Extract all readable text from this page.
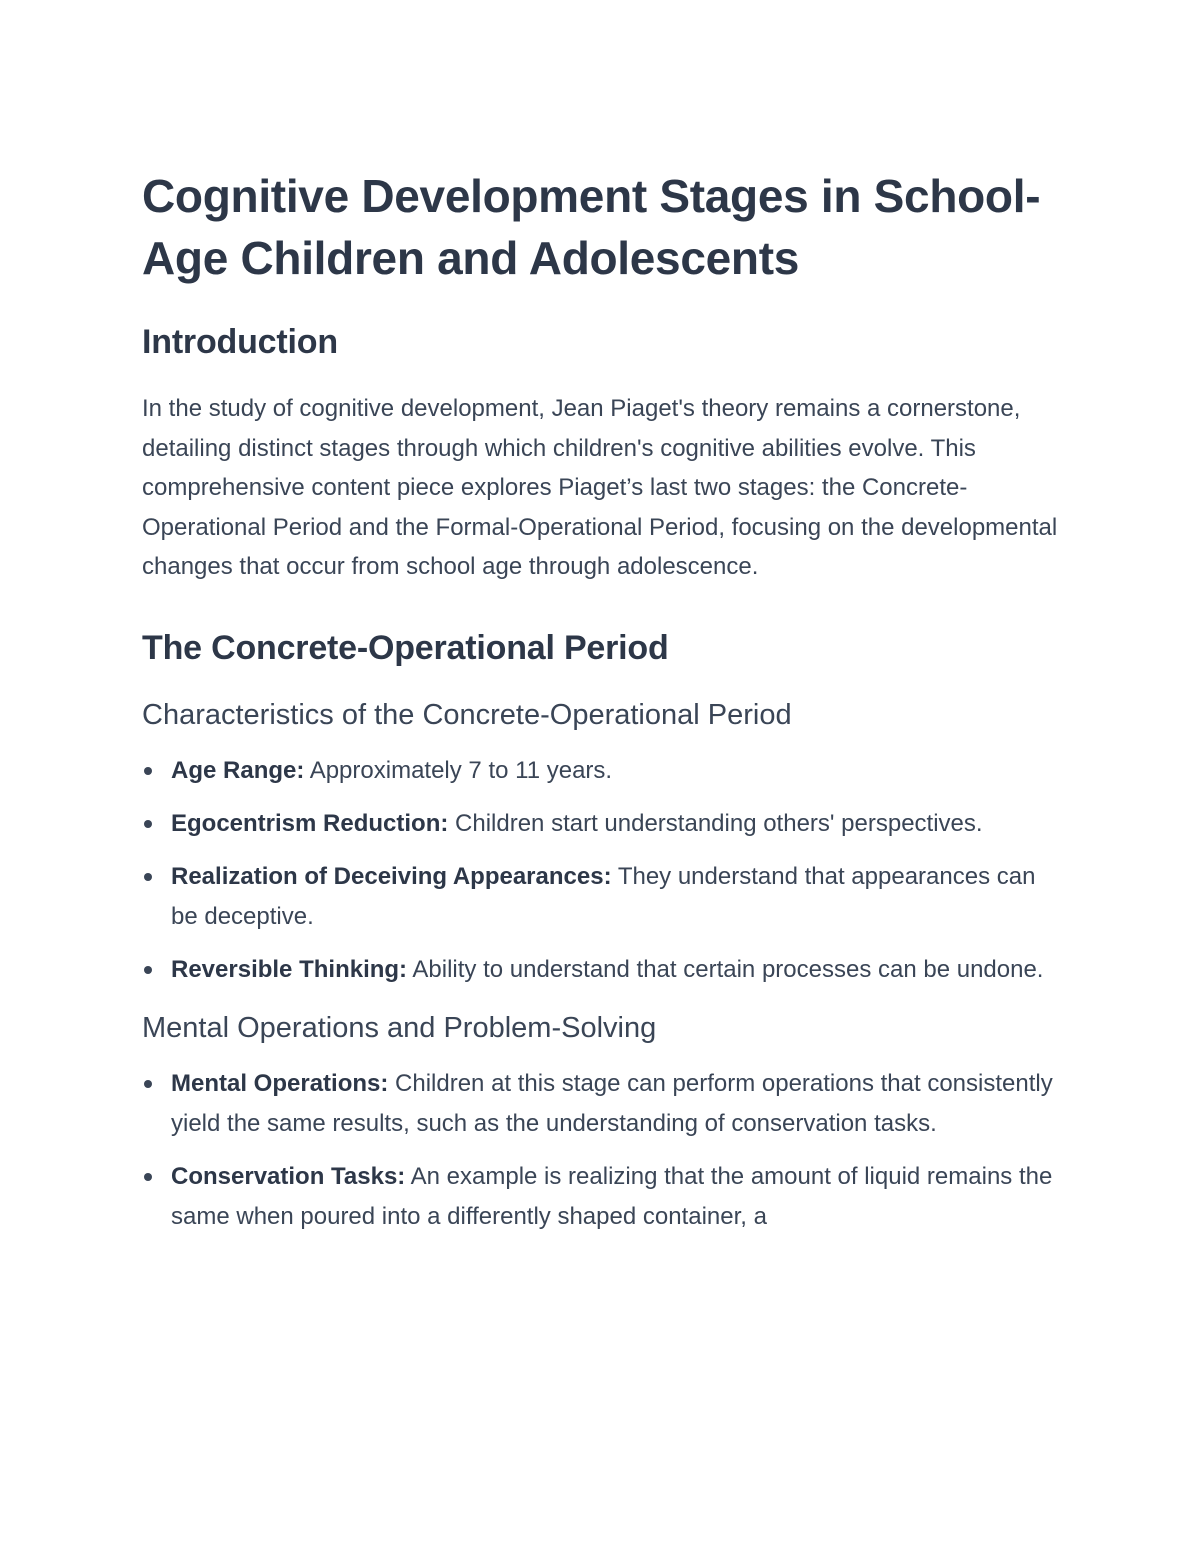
Cognitive Development Stages in School-Age Children and Adolescents
Introduction

In the study of cognitive development, Jean Piaget's theory remains a cornerstone, detailing distinct stages through which children's cognitive abilities evolve. This comprehensive content piece explores Piaget’s last two stages: the Concrete-Operational Period and the Formal-Operational Period, focusing on the developmental changes that occur from school age through adolescence.

The Concrete-Operational Period
Characteristics of the Concrete-Operational Period
Age Range: Approximately 7 to 11 years.
Egocentrism Reduction: Children start understanding others' perspectives.
Realization of Deceiving Appearances: They understand that appearances can be deceptive.
Reversible Thinking: Ability to understand that certain processes can be undone.
Mental Operations and Problem-Solving
Mental Operations: Children at this stage can perform operations that consistently yield the same results, such as the understanding of conservation tasks.
Conservation Tasks: An example is realizing that the amount of liquid remains the same when poured into a differently shaped container, a
